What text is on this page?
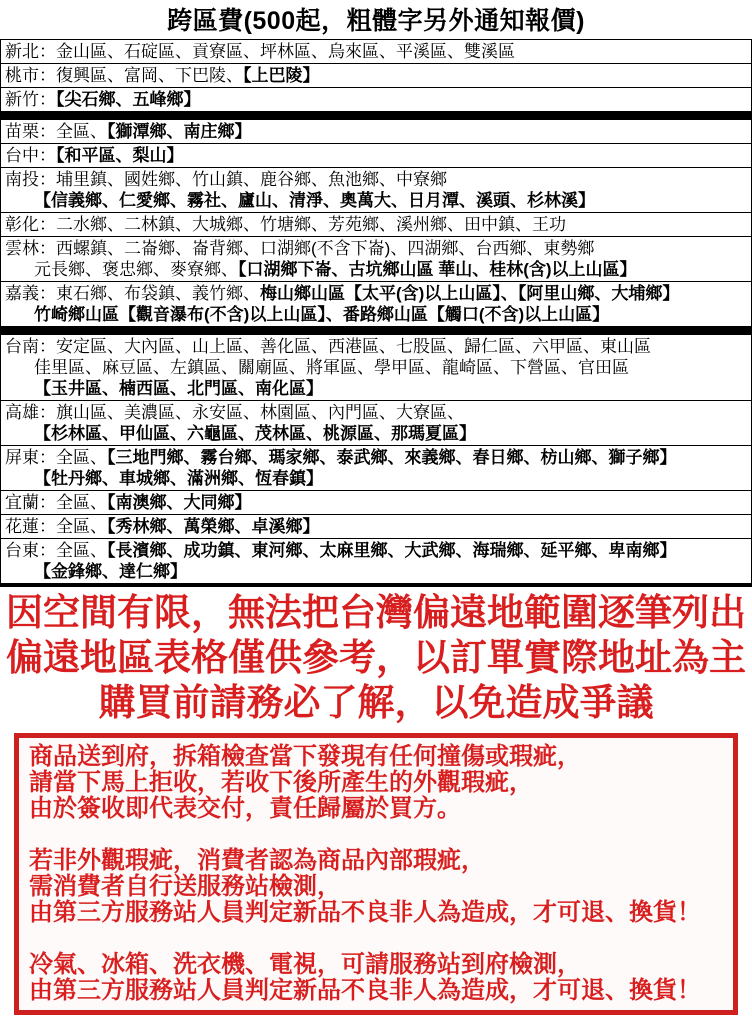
跨區費(500起，粗體字另外通知報價)
新北：金山區、石碇區、貢寮區、坪林區、烏來區、平溪區、雙溪區
桃市：復興區、富岡、下巴陵、【上巴陵】
新竹：【尖石鄉、五峰鄉】
苗栗：全區、【獅潭鄉、南庄鄉】
台中：【和平區、梨山】
南投：埔里鎮、國姓鄉、竹山鎮、鹿谷鄉、魚池鄉、中寮鄉
【信義鄉、仁愛鄉、霧社、廬山、清淨、奧萬大、日月潭、溪頭、杉林溪】
彰化：二水鄉、二林鎮、大城鄉、竹塘鄉、芳苑鄉、溪州鄉、田中鎮、王功
雲林：西螺鎮、二崙鄉、崙背鄉、口湖鄉(不含下崙)、四湖鄉、台西鄉、東勢鄉
元長鄉、褒忠鄉、麥寮鄉、【口湖鄉下崙、古坑鄉山區 華山、桂林(含)以上山區】
嘉義：東石鄉、布袋鎮、義竹鄉、梅山鄉山區【太平(含)以上山區】、【阿里山鄉、大埔鄉】
竹崎鄉山區【觀音瀑布(不含)以上山區】、番路鄉山區【觸口(不含)以上山區】
台南：安定區、大內區、山上區、善化區、西港區、七股區、歸仁區、六甲區、東山區
佳里區、麻豆區、左鎮區、關廟區、將軍區、學甲區、龍崎區、下營區、官田區
【玉井區、楠西區、北門區、南化區】
高雄：旗山區、美濃區、永安區、林園區、內門區、大寮區、
【杉林區、甲仙區、六龜區、茂林區、桃源區、那瑪夏區】
屏東：全區、【三地門鄉、霧台鄉、瑪家鄉、泰武鄉、來義鄉、春日鄉、枋山鄉、獅子鄉】
【牡丹鄉、車城鄉、滿洲鄉、恆春鎮】
宜蘭：全區、【南澳鄉、大同鄉】
花蓮：全區、【秀林鄉、萬榮鄉、卓溪鄉】
台東：全區、【長濱鄉、成功鎮、東河鄉、太麻里鄉、大武鄉、海瑞鄉、延平鄉、卑南鄉】
【金鋒鄉、達仁鄉】
因空間有限，無法把台灣偏遠地範圍逐筆列出
偏遠地區表格僅供參考，以訂單實際地址為主
購買前請務必了解，以免造成爭議
商品送到府，拆箱檢查當下發現有任何撞傷或瑕疵，
請當下馬上拒收，若收下後所產生的外觀瑕疵，
由於簽收即代表交付，責任歸屬於買方。
若非外觀瑕疵，消費者認為商品內部瑕疵，
需消費者自行送服務站檢測，
由第三方服務站人員判定新品不良非人為造成，才可退、換貨！
冷氣、冰箱、洗衣機、電視，可請服務站到府檢測，
由第三方服務站人員判定新品不良非人為造成，才可退、換貨！
